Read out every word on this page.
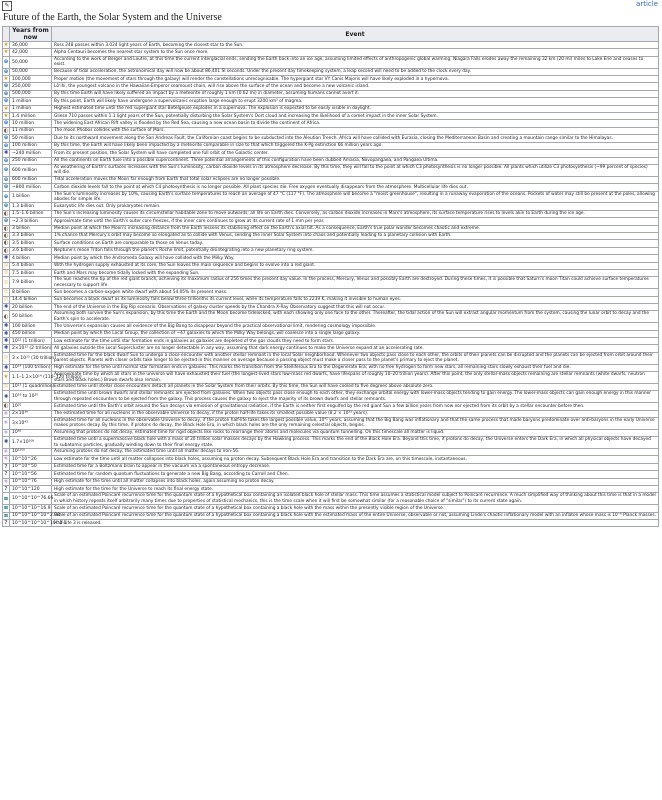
✎	article
Future of the Earth, the Solar System and the Universe
	Years from now	Event
★	36,000	Ross 248 passes within 3.024 light years of Earth, becoming the closest star to the Sun.
★	42,000	Alpha Centauri becomes the nearest star system to the Sun once more.
⊕	50,000	According to the work of Berger and Loutre, at this time the current interglacial ends, sending the Earth back into an ice age, assuming limited effects of anthropogenic global warming. Niagara Falls erodes away the remaining 32 km (20 mi) miles to Lake Erie and ceases to exist.
⊕	50,000	Because of tidal acceleration, the astronomical day will now be about 86,401 SI seconds. Under the present day timekeeping system, a leap second will need to be added to the clock every day.
★	100,000	Proper motion (the movement of stars through the galaxy) will render the constellations unrecognisable. The hypergiant star VY Canis Majoris will have likely exploded in a hypernova.
⊕	250,000	Lōʻihi, the youngest volcano in the Hawaiian-Emperor seamount chain, will rise above the surface of the ocean and become a new volcanic island.
⊕	500,000	By this time Earth will have likely suffered an impact by a meteorite of roughly 1 km (0.62 mi) in diameter, assuming humans cannot avert it.
⊕	1 million	By this point, Earth will likely have undergone a supervolcanic eruption large enough to erupt 3200 km³ of magma.
★	1 million	Highest estimated time until the red supergiant star Betelgeuse explodes in a supernova. The explosion is expected to be easily visible in daylight.
★	1.4 million	Gliese 710 passes within 1.1 light years of the Sun, potentially disturbing the Solar System's Oort cloud and increasing the likelihood of a comet impact in the inner Solar System.
⊕	10 million	The widening East African Rift valley is flooded by the Red Sea, causing a new ocean basin to divide the continent of Africa.
◐	11 million	The moon Phobos collides with the surface of Mars.
⊕	50 million	Due to its northward movement along the San Andreas Fault, the Californian coast begins to be subducted into the Aleutian Trench. Africa will have collided with Eurasia, closing the Mediterranean Basin and creating a mountain range similar to the Himalayas.
⊕	100 million	By this time, the Earth will have likely been impacted by a meteorite comparable in size to that which triggered the K-Pg extinction 66 million years ago.
✺	~240 million	From its present position, the Solar System will have completed one full orbit of the Galactic center.
⊕	250 million	All the continents on Earth fuse into a possible supercontinent. Three potential arrangements of this configuration have been dubbed Amasia, Novopangaea, and Pangaea Ultima.
⊕	600 million	As weathering of Earth's surfaces increases with the Sun's luminosity, carbon dioxide levels in its atmosphere decrease. By this time, they will fall to the point at which C3 photosynthesis is no longer possible. All plants which utilize C3 photosynthesis (~99 percent of species) will die.
⊕	600 million	Tidal acceleration moves the Moon far enough from Earth that total solar eclipses are no longer possible.
⊕	~800 million	Carbon dioxide levels fall to the point at which C4 photosynthesis is no longer possible. All plant species die. Free oxygen eventually disappears from the atmosphere. Multicellular life dies out.
⊕	1 billion	The Sun's luminosity increases by 10%, causing Earth's surface temperatures to reach an average of 47 °C (117 °F). The atmosphere will become a "moist greenhouse", resulting in a runaway evaporation of the oceans. Pockets of water may still be present at the poles, allowing abodes for simple life.
⊕	1.3 billion	Eukaryotic life dies out. Only prokaryotes remain.
◐	1.5–1.6 billion	The Sun's increasing luminosity causes its circumstellar habitable zone to move outwards; all life on Earth dies. Conversely, as carbon dioxide increases in Mars's atmosphere, its surface temperature rises to levels akin to Earth during the ice age.
⊕	~2.3 billion	Approximate time until the Earth's outer core freezes, if the inner core continues to grow at its current rate of 1 mm per year.
◐	3 billion	Median point at which the Moon's increasing distance from the Earth lessens its stabilising effect on the Earth's axial tilt. As a consequence, Earth's true polar wander becomes chaotic and extreme.
◐	3.3 billion	1% chance that Mercury's orbit may become so elongated as to collide with Venus, sending the inner Solar System into chaos and potentially leading to a planetary collision with Earth.
◐	3.5 billion	Surface conditions on Earth are comparable to those on Venus today.
◐	3.6 billion	Neptune's moon Triton falls through the planet's Roche limit, potentially disintegrating into a new planetary ring system.
✺	4 billion	Median point by which the Andromeda Galaxy will have collided with the Milky Way.
☉	5.4 billion	With the hydrogen supply exhausted at its core, the Sun leaves the main sequence and begins to evolve into a red giant.
☉	7.5 billion	Earth and Mars may become tidally locked with the expanding Sun.
☉	7.9 billion	The Sun reaches the tip of the red giant branch, achieving its maximum radius of 256 times the present day value. In the process, Mercury, Venus and possibly Earth are destroyed. During these times, it is possible that Saturn's moon Titan could achieve surface temperatures necessary to support life.
☉	8 billion	Sun becomes a carbon-oxygen white dwarf with about 54.05% its present mass.
☉	14.4 billion	Sun becomes a black dwarf as its luminosity falls below three trillionths its current level, while its temperature falls to 2239 K, making it invisible to human eyes.
✺	20 billion	The end of the Universe in the Big Rip scenario. Observations of galaxy cluster speeds by the Chandra X-Ray Observatory suggest that this will not occur.
◐	50 billion	Assuming both survive the Sun's expansion, by this time the Earth and the Moon become tidelocked, with each showing only one face to the other. Thereafter, the tidal action of the Sun will extract angular momentum from the system, causing the lunar orbit to decay and the Earth's spin to accelerate.
✺	100 billion	The Universe's expansion causes all evidence of the Big Bang to disappear beyond the practical observational limit, rendering cosmology impossible.
✺	450 billion	Median point by which the Local Group, the collection of ~47 galaxies to which the Milky Way belongs, will coalesce into a single large galaxy.
✺	10¹² (1 trillion)	Low estimate for the time until star formation ends in galaxies as galaxies are depleted of the gas clouds they need to form stars.
✺	2×10¹² (2 trillion)	All galaxies outside the Local Supercluster are no longer detectable in any way, assuming that dark energy continues to make the Universe expand at an accelerating rate.
☉	3 x 10¹³ (30 trillion)	Estimated time for the black dwarf Sun to undergo a close encounter with another stellar remnant in the local Solar neighborhood. Whenever two objects pass close to each other, the orbits of their planets can be disrupted and the planets can be ejected from orbit around their parent objects. Planets with closer orbits take longer to be ejected in this manner on average because a passing object must make a closer pass to the planet's primary to eject the planet.
✺	10¹⁴ (100 trillion)	High estimate for the time until normal star formation ends in galaxies. This marks the transition from the Stelliferous Era to the Degenerate Era; with no free hydrogen to form new stars, all remaining stars slowly exhaust their fuel and die.
★	1.1–1.2×10¹⁴ (110–120 trillion)	Approximate time by which all stars in the universe will have exhausted their fuel (the longest-lived stars low-mass red dwarfs, have lifespans of roughly 10–20 trillion years). After this point, the only stellar-mass objects remaining are stellar remnants (white dwarfs, neutron stars and black holes.) Brown dwarfs also remain.
☉	10¹⁵ (1 quadrillion)	Estimated time until stellar close encounters detach all planets in the Solar System from their orbits. By this time, the Sun will have cooled to five degrees above absolute zero.
✺	10¹⁹ to 10²⁰	Estimated time until brown dwarfs and stellar remnants are ejected from galaxies. When two objects pass close enough to each other, they exchange orbital energy with lower-mass objects tending to gain energy. The lower-mass objects can gain enough energy in this manner through repeated encounters to be ejected from the galaxy. This process causes the galaxy to eject the majority of its brown dwarfs and stellar remnants.
◐	10²⁰	Estimated time until the Earth's orbit around the Sun decays via emission of gravitational radiation, if the Earth is neither first engulfed by the red giant Sun a few billion years from now nor ejected from its orbit by a stellar encounter before then.
⚛	2×10³⁶	The estimated time for all nucleons in the observable Universe to decay, if the proton half-life takes its smallest possible value (8.2 × 10³³ years).
⚛	3×10⁴³	Estimated time for all nucleons in the observable Universe to decay, if the proton half-life takes the largest possible value, 10⁴¹ years, assuming that the Big Bang was inflationary and that the same process that made baryons predominate over anti-baryons in the early Universe makes protons decay. By this time, if protons do decay, the Black Hole Era, in which black holes are the only remaining celestial objects, begins.
⚛	10⁶⁵	Assuming that protons do not decay, estimated time for rigid objects like rocks to rearrange their atoms and molecules via quantum tunnelling. On this timescale all matter is liquid.
✺	1.7×10¹⁰⁶	Estimated time until a supermassive black hole with a mass of 20 trillion solar masses decays by the Hawking process. This marks the end of the Black Hole Era. Beyond this time, if protons do decay, the Universe enters the Dark Era, in which all physical objects have decayed to subatomic particles, gradually winding down to their final energy state.
⚛	10¹⁵⁰⁰	Assuming protons do not decay, the estimated time until all matter decays to iron-56.
⚛	10^10^26	Low estimate for the time until all matter collapses into black holes, assuming no proton decay. Subsequent Black Hole Era and transition to the Dark Era are, on this timescale, instantaneous.
?	10^10^50	Estimated time for a Boltzmann brain to appear in the vacuum via a spontaneous entropy decrease.
?	10^10^56	Estimated time for random quantum fluctuations to generate a new Big Bang, according to Carroll and Chen.
⚛	10^10^76	High estimate for the time until all matter collapses into black holes, again assuming no proton decay.
?	10^10^120	High estimate for the time for the Universe to reach its final energy state.
π	10^10^10^76.66	Scale of an estimated Poincaré recurrence time for the quantum state of a hypothetical box containing an isolated black hole of stellar mass. This time assumes a statistical model subject to Poincaré recurrence. A much simplified way of thinking about this time is that in a model in which history repeats itself arbitrarily many times due to properties of statistical mechanics, this is the time scale when it will first be somewhat similar (for a reasonable choice of "similar") to its current state again.
π	10^10^10^16.9	Scale of an estimated Poincaré recurrence time for the quantum state of a hypothetical box containing a black hole with the mass within the presently visible region of the Universe.
π	10^10^10^10^2.08	Scale of an estimated Poincaré recurrence time for the quantum state of a hypothetical box containing a black hole with the estimated mass of the entire Universe, observable or not, assuming Linde's chaotic inflationary model with an inflaton whose mass is 10⁻⁶ Planck masses.
?	10^10^10^10^10^1.1	Half-Life 3 is released.
